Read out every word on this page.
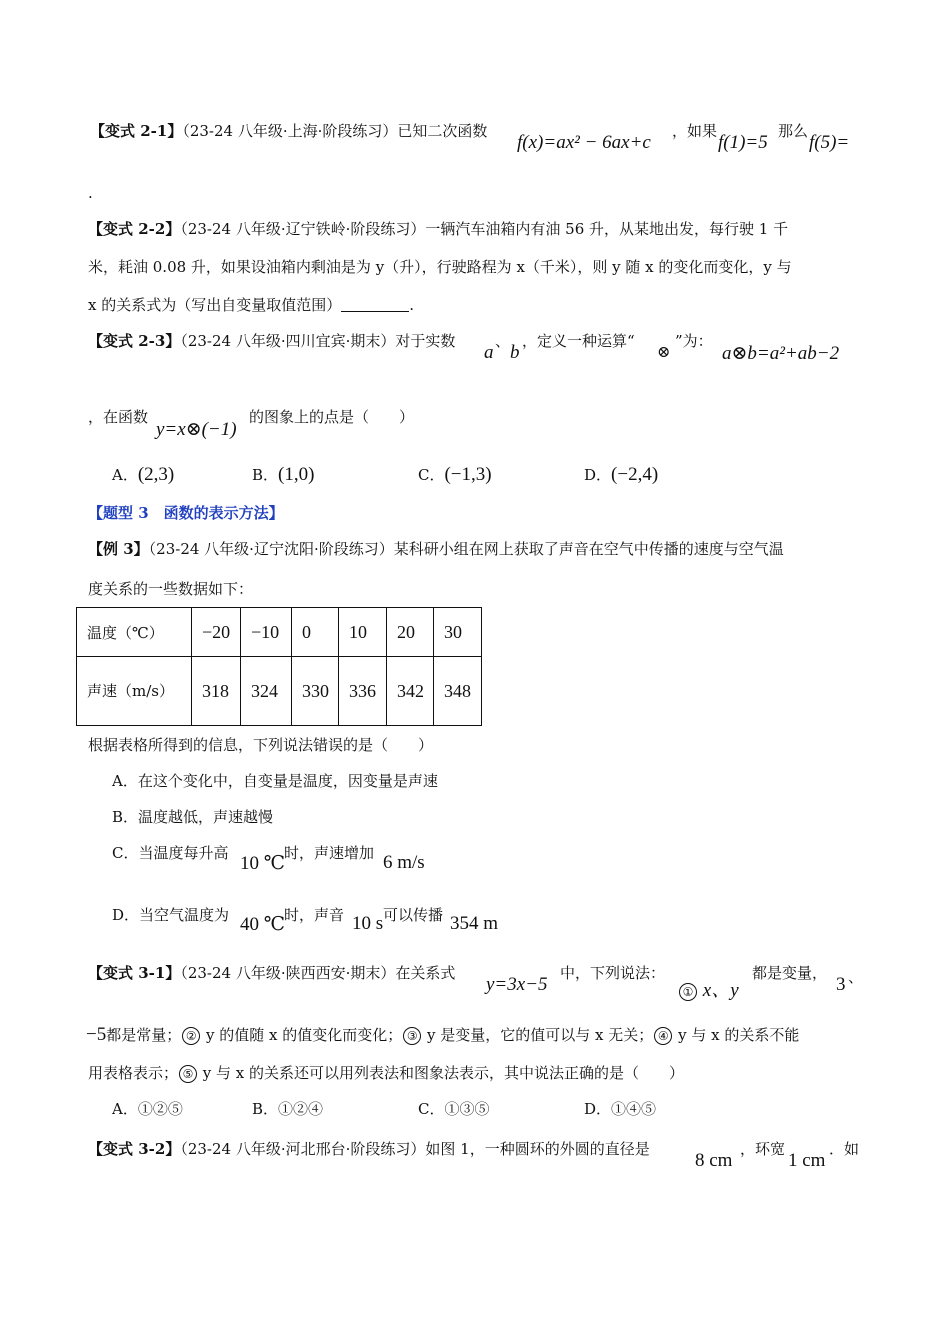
【变式 2-1】（23-24 八年级·上海·阶段练习）已知二次函数
f(x)=ax² − 6ax+c
，如果
f(1)=5
那么
f(5)=
.
【变式 2-2】（23-24 八年级·辽宁铁岭·阶段练习）一辆汽车油箱内有油 56 升，从某地出发，每行驶 1 千
米，耗油 0.08 升，如果设油箱内剩油是为 y（升），行驶路程为 x（千米），则 y 随 x 的变化而变化，y 与
x 的关系式为（写出自变量取值范围）	.
【变式 2-3】（23-24 八年级·四川宜宾·期末）对于实数
a
、
b
，定义一种运算“
⊗
”为：
a⊗b=a²+ab−2
，在函数
y=x⊗(−1)
的图象上的点是（　　）
A．(2,3)	B．(1,0)	C．(−1,3)	D．(−2,4)
【题型 3　函数的表示方法】
【例 3】（23-24 八年级·辽宁沈阳·阶段练习）某科研小组在网上获取了声音在空气中传播的速度与空气温
度关系的一些数据如下：
温度（℃）	−20	−10	0	10	20	30
声速（m/s）	318	324	330	336	342	348
根据表格所得到的信息，下列说法错误的是（　　）
A．在这个变化中，自变量是温度，因变量是声速
B．温度越低，声速越慢
C．当温度每升高 10 ℃
时，声速增加 6 m/s
D．当空气温度为 40 ℃
时，声音 10 s 可以传播 354 m
【变式 3-1】（23-24 八年级·陕西西安·期末）在关系式
y=3x−5
中，下列说法：
① x、y
都是变量，
3 、
−5都是常量； ② y 的值随 x 的值变化而变化； ③ y 是变量，它的值可以与 x 无关； ④ y 与 x 的关系不能
用表格表示； ⑤ y 与 x 的关系还可以用列表法和图象法表示，其中说法正确的是（　　）
A．①②⑤	B．①②④	C．①③⑤	D．①④⑤
【变式 3-2】（23-24 八年级·河北邢台·阶段练习）如图 1，一种圆环的外圆的直径是
8 cm
，环宽
1 cm
．如
